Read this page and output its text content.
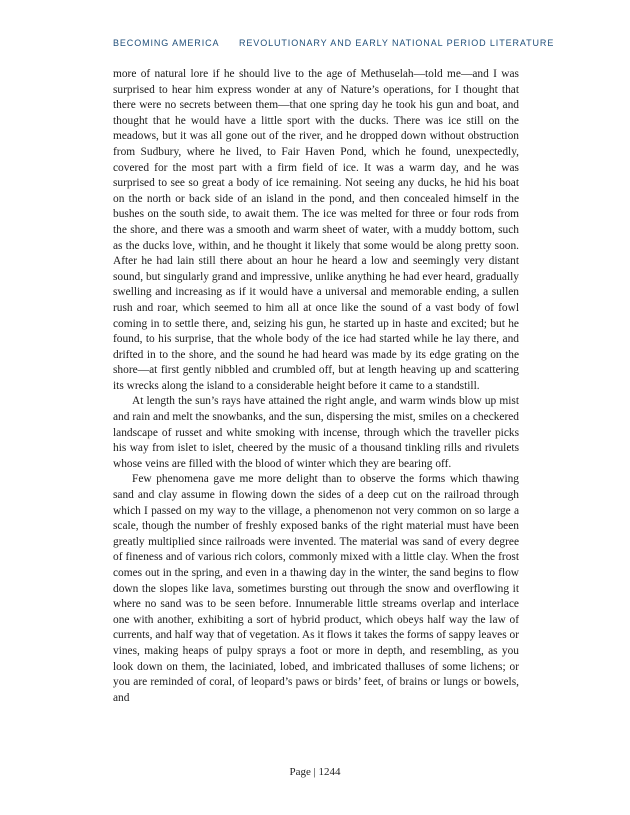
BECOMING AMERICA REVOLUTIONARY AND EARLY NATIONAL PERIOD LITERATURE

more of natural lore if he should live to the age of Methuselah—told me—and I was surprised to hear him express wonder at any of Nature’s operations, for I thought that there were no secrets between them—that one spring day he took his gun and boat, and thought that he would have a little sport with the ducks. There was ice still on the meadows, but it was all gone out of the river, and he dropped down without obstruction from Sudbury, where he lived, to Fair Haven Pond, which he found, unexpectedly, covered for the most part with a firm field of ice. It was a warm day, and he was surprised to see so great a body of ice remaining. Not seeing any ducks, he hid his boat on the north or back side of an island in the pond, and then concealed himself in the bushes on the south side, to await them. The ice was melted for three or four rods from the shore, and there was a smooth and warm sheet of water, with a muddy bottom, such as the ducks love, within, and he thought it likely that some would be along pretty soon. After he had lain still there about an hour he heard a low and seemingly very distant sound, but singularly grand and impressive, unlike anything he had ever heard, gradually swelling and increasing as if it would have a universal and memorable ending, a sullen rush and roar, which seemed to him all at once like the sound of a vast body of fowl coming in to settle there, and, seizing his gun, he started up in haste and excited; but he found, to his surprise, that the whole body of the ice had started while he lay there, and drifted in to the shore, and the sound he had heard was made by its edge grating on the shore—at first gently nibbled and crumbled off, but at length heaving up and scattering its wrecks along the island to a considerable height before it came to a standstill.

At length the sun’s rays have attained the right angle, and warm winds blow up mist and rain and melt the snowbanks, and the sun, dispersing the mist, smiles on a checkered landscape of russet and white smoking with incense, through which the traveller picks his way from islet to islet, cheered by the music of a thousand tinkling rills and rivulets whose veins are filled with the blood of winter which they are bearing off.

Few phenomena gave me more delight than to observe the forms which thawing sand and clay assume in flowing down the sides of a deep cut on the railroad through which I passed on my way to the village, a phenomenon not very common on so large a scale, though the number of freshly exposed banks of the right material must have been greatly multiplied since railroads were invented. The material was sand of every degree of fineness and of various rich colors, commonly mixed with a little clay. When the frost comes out in the spring, and even in a thawing day in the winter, the sand begins to flow down the slopes like lava, sometimes bursting out through the snow and overflowing it where no sand was to be seen before. Innumerable little streams overlap and interlace one with another, exhibiting a sort of hybrid product, which obeys half way the law of currents, and half way that of vegetation. As it flows it takes the forms of sappy leaves or vines, making heaps of pulpy sprays a foot or more in depth, and resembling, as you look down on them, the laciniated, lobed, and imbricated thalluses of some lichens; or you are reminded of coral, of leopard’s paws or birds’ feet, of brains or lungs or bowels, and

Page | 1244
